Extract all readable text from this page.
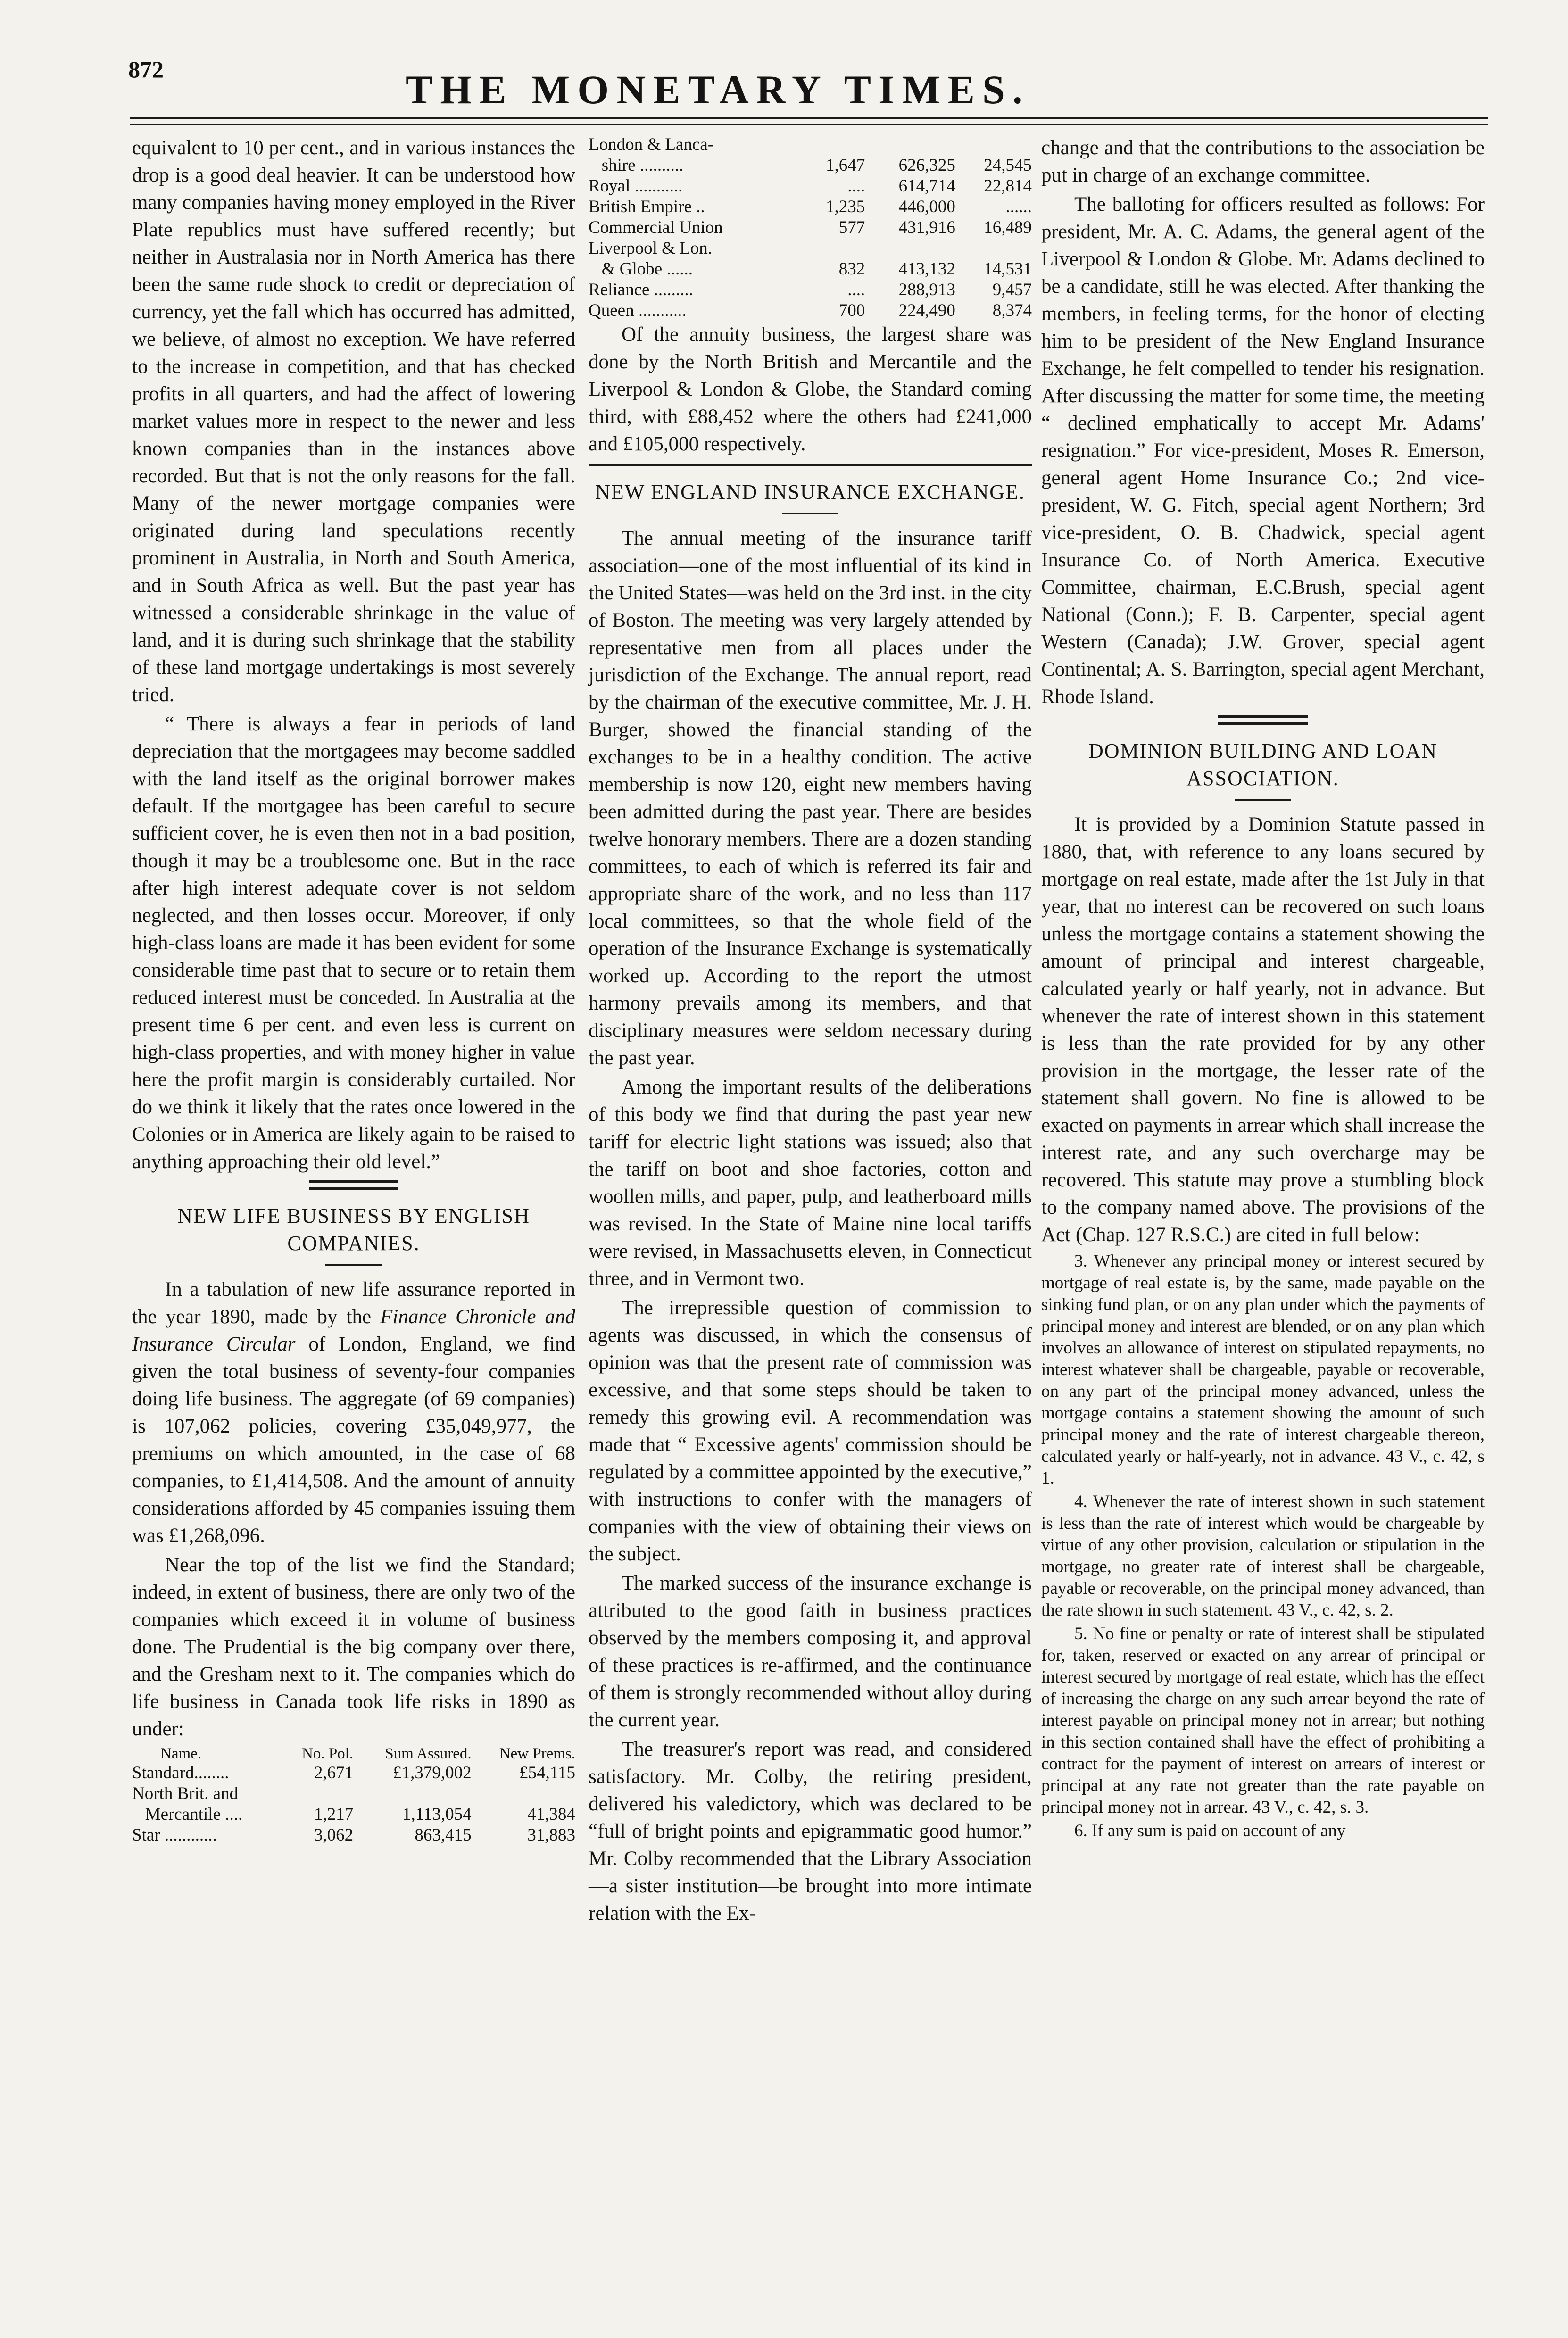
872	THE MONETARY TIMES.

equivalent to 10 per cent., and in various instances the drop is a good deal heavier. It can be understood how many companies having money employed in the River Plate republics must have suffered recently; but neither in Australasia nor in North America has there been the same rude shock to credit or depreciation of currency, yet the fall which has occurred has admitted, we believe, of almost no exception. We have referred to the increase in competition, and that has checked profits in all quarters, and had the affect of lowering market values more in respect to the newer and less known companies than in the instances above recorded. But that is not the only reasons for the fall. Many of the newer mortgage companies were originated during land speculations recently prominent in Australia, in North and South America, and in South Africa as well. But the past year has witnessed a considerable shrinkage in the value of land, and it is during such shrinkage that the stability of these land mortgage undertakings is most severely tried.

“ There is always a fear in periods of land depreciation that the mortgagees may become saddled with the land itself as the original borrower makes default. If the mortgagee has been careful to secure sufficient cover, he is even then not in a bad position, though it may be a troublesome one. But in the race after high interest adequate cover is not seldom neglected, and then losses occur. Moreover, if only high-class loans are made it has been evident for some considerable time past that to secure or to retain them reduced interest must be conceded. In Australia at the present time 6 per cent. and even less is current on high-class properties, and with money higher in value here the profit margin is considerably curtailed. Nor do we think it likely that the rates once lowered in the Colonies or in America are likely again to be raised to anything approaching their old level.”

NEW LIFE BUSINESS BY ENGLISH COMPANIES.

In a tabulation of new life assurance reported in the year 1890, made by the Finance Chronicle and Insurance Circular of London, England, we find given the total business of seventy-four companies doing life business. The aggregate (of 69 companies) is 107,062 policies, covering £35,049,977, the premiums on which amounted, in the case of 68 companies, to £1,414,508. And the amount of annuity considerations afforded by 45 companies issuing them was £1,268,096.

Near the top of the list we find the Standard; indeed, in extent of business, there are only two of the companies which exceed it in volume of business done. The Prudential is the big company over there, and the Gresham next to it. The companies which do life business in Canada took life risks in 1890 as under:

Name.	No. Pol.	Sum Assured.	New Prems.
Standard........	2,671	£1,379,002	£54,115
North Brit. and			
Mercantile ....	1,217	1,113,054	41,384
Star ............	3,062	863,415	31,883
London & Lanca-			
shire ..........	1,647	626,325	24,545
Royal ...........	....	614,714	22,814
British Empire ..	1,235	446,000	......
Commercial Union	577	431,916	16,489
Liverpool & Lon.			
& Globe ......	832	413,132	14,531
Reliance .........	....	288,913	9,457
Queen ...........	700	224,490	8,374

Of the annuity business, the largest share was done by the North British and Mercantile and the Liverpool & London & Globe, the Standard coming third, with £88,452 where the others had £241,000 and £105,000 respectively.

NEW ENGLAND INSURANCE EXCHANGE.

The annual meeting of the insurance tariff association—one of the most influential of its kind in the United States—was held on the 3rd inst. in the city of Boston. The meeting was very largely attended by representative men from all places under the jurisdiction of the Exchange. The annual report, read by the chairman of the executive committee, Mr. J. H. Burger, showed the financial standing of the exchanges to be in a healthy condition. The active membership is now 120, eight new members having been admitted during the past year. There are besides twelve honorary members. There are a dozen standing committees, to each of which is referred its fair and appropriate share of the work, and no less than 117 local committees, so that the whole field of the operation of the Insurance Exchange is systematically worked up. According to the report the utmost harmony prevails among its members, and that disciplinary measures were seldom necessary during the past year.

Among the important results of the deliberations of this body we find that during the past year new tariff for electric light stations was issued; also that the tariff on boot and shoe factories, cotton and woollen mills, and paper, pulp, and leatherboard mills was revised. In the State of Maine nine local tariffs were revised, in Massachusetts eleven, in Connecticut three, and in Vermont two.

The irrepressible question of commission to agents was discussed, in which the consensus of opinion was that the present rate of commission was excessive, and that some steps should be taken to remedy this growing evil. A recommendation was made that “ Excessive agents' commission should be regulated by a committee appointed by the executive,” with instructions to confer with the managers of companies with the view of obtaining their views on the subject.

The marked success of the insurance exchange is attributed to the good faith in business practices observed by the members composing it, and approval of these practices is re-affirmed, and the continuance of them is strongly recommended without alloy during the current year.

The treasurer's report was read, and considered satisfactory. Mr. Colby, the retiring president, delivered his valedictory, which was declared to be “full of bright points and epigrammatic good humor.” Mr. Colby recommended that the Library Association—a sister institution—be brought into more intimate relation with the Ex-

change and that the contributions to the association be put in charge of an exchange committee.

The balloting for officers resulted as follows: For president, Mr. A. C. Adams, the general agent of the Liverpool & London & Globe. Mr. Adams declined to be a candidate, still he was elected. After thanking the members, in feeling terms, for the honor of electing him to be president of the New England Insurance Exchange, he felt compelled to tender his resignation. After discussing the matter for some time, the meeting “ declined emphatically to accept Mr. Adams' resignation.” For vice-president, Moses R. Emerson, general agent Home Insurance Co.; 2nd vice-president, W. G. Fitch, special agent Northern; 3rd vice-president, O. B. Chadwick, special agent Insurance Co. of North America. Executive Committee, chairman, E.C.Brush, special agent National (Conn.); F. B. Carpenter, special agent Western (Canada); J.W. Grover, special agent Continental; A. S. Barrington, special agent Merchant, Rhode Island.

DOMINION BUILDING AND LOAN ASSOCIATION.

It is provided by a Dominion Statute passed in 1880, that, with reference to any loans secured by mortgage on real estate, made after the 1st July in that year, that no interest can be recovered on such loans unless the mortgage contains a statement showing the amount of principal and interest chargeable, calculated yearly or half yearly, not in advance. But whenever the rate of interest shown in this statement is less than the rate provided for by any other provision in the mortgage, the lesser rate of the statement shall govern. No fine is allowed to be exacted on payments in arrear which shall increase the interest rate, and any such overcharge may be recovered. This statute may prove a stumbling block to the company named above. The provisions of the Act (Chap. 127 R.S.C.) are cited in full below:

3. Whenever any principal money or interest secured by mortgage of real estate is, by the same, made payable on the sinking fund plan, or on any plan under which the payments of principal money and interest are blended, or on any plan which involves an allowance of interest on stipulated repayments, no interest whatever shall be chargeable, payable or recoverable, on any part of the principal money advanced, unless the mortgage contains a statement showing the amount of such principal money and the rate of interest chargeable thereon, calculated yearly or half-yearly, not in advance. 43 V., c. 42, s 1.

4. Whenever the rate of interest shown in such statement is less than the rate of interest which would be chargeable by virtue of any other provision, calculation or stipulation in the mortgage, no greater rate of interest shall be chargeable, payable or recoverable, on the principal money advanced, than the rate shown in such statement. 43 V., c. 42, s. 2.

5. No fine or penalty or rate of interest shall be stipulated for, taken, reserved or exacted on any arrear of principal or interest secured by mortgage of real estate, which has the effect of increasing the charge on any such arrear beyond the rate of interest payable on principal money not in arrear; but nothing in this section contained shall have the effect of prohibiting a contract for the payment of interest on arrears of interest or principal at any rate not greater than the rate payable on principal money not in arrear. 43 V., c. 42, s. 3.

6. If any sum is paid on account of any
